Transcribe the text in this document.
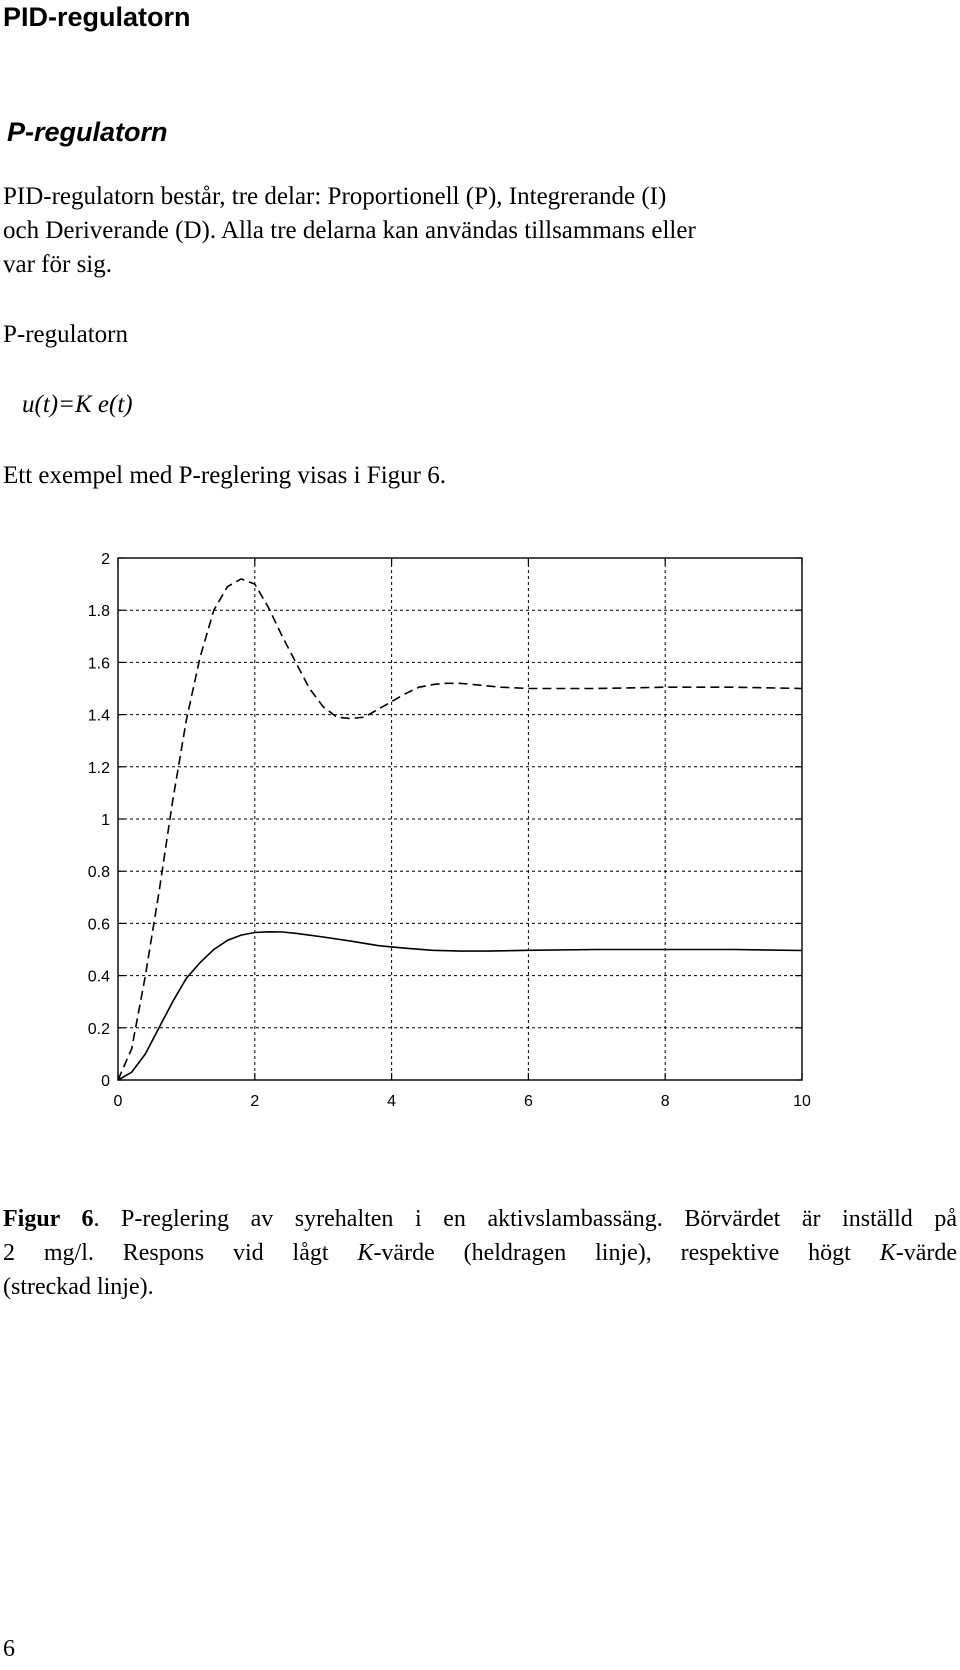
PID-regulatorn
P-regulatorn
PID-regulatorn består, tre delar: Proportionell (P), Integrerande (I)
och Deriverande (D). Alla tre delarna kan användas tillsammans eller
var för sig.
P-regulatorn
u(t)=K e(t)
Ett exempel med P-reglering visas i Figur 6.
0	2	4	6	8	10
0
0.2
0.4
0.6
0.8
1
1.2
1.4
1.6
1.8
2
Figur 6. P-reglering av syrehalten i en aktivslambassäng. Börvärdet är inställd på
2 mg/l. Respons vid lågt K-värde (heldragen linje), respektive högt K-värde
(streckad linje).
6
